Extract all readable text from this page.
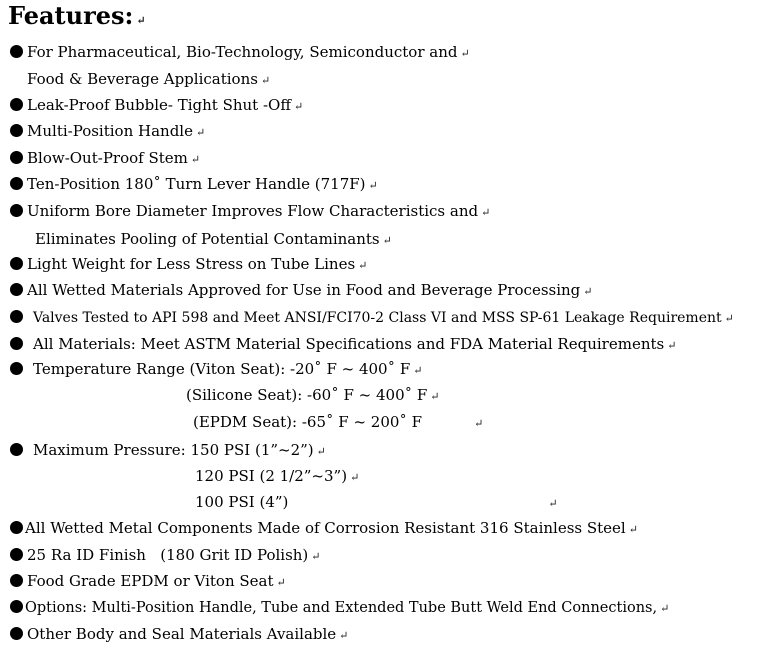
Features: ↵
For Pharmaceutical, Bio-Technology, Semiconductor and ↵
Food & Beverage Applications ↵
Leak-Proof Bubble- Tight Shut -Off ↵
Multi-Position Handle ↵
Blow-Out-Proof Stem ↵
Ten-Position 180˚ Turn Lever Handle (717F) ↵
Uniform Bore Diameter Improves Flow Characteristics and ↵
Eliminates Pooling of Potential Contaminants ↵
Light Weight for Less Stress on Tube Lines ↵
All Wetted Materials Approved for Use in Food and Beverage Processing ↵
Valves Tested to API 598 and Meet ANSI/FCI70-2 Class VI and MSS SP-61 Leakage Requirement ↵
All Materials: Meet ASTM Material Specifications and FDA Material Requirements ↵
Temperature Range (Viton Seat): -20˚ F ~ 400˚ F ↵
(Silicone Seat): -60˚ F ~ 400˚ F ↵
(EPDM Seat): -65˚ F ~ 200˚ F	↵
Maximum Pressure: 150 PSI (1”~2”) ↵
120 PSI (2 1/2”~3”) ↵
100 PSI (4”)	↵
All Wetted Metal Components Made of Corrosion Resistant 316 Stainless Steel ↵
25 Ra ID Finish   (180 Grit ID Polish) ↵
Food Grade EPDM or Viton Seat ↵
Options: Multi-Position Handle, Tube and Extended Tube Butt Weld End Connections, ↵
Other Body and Seal Materials Available ↵
